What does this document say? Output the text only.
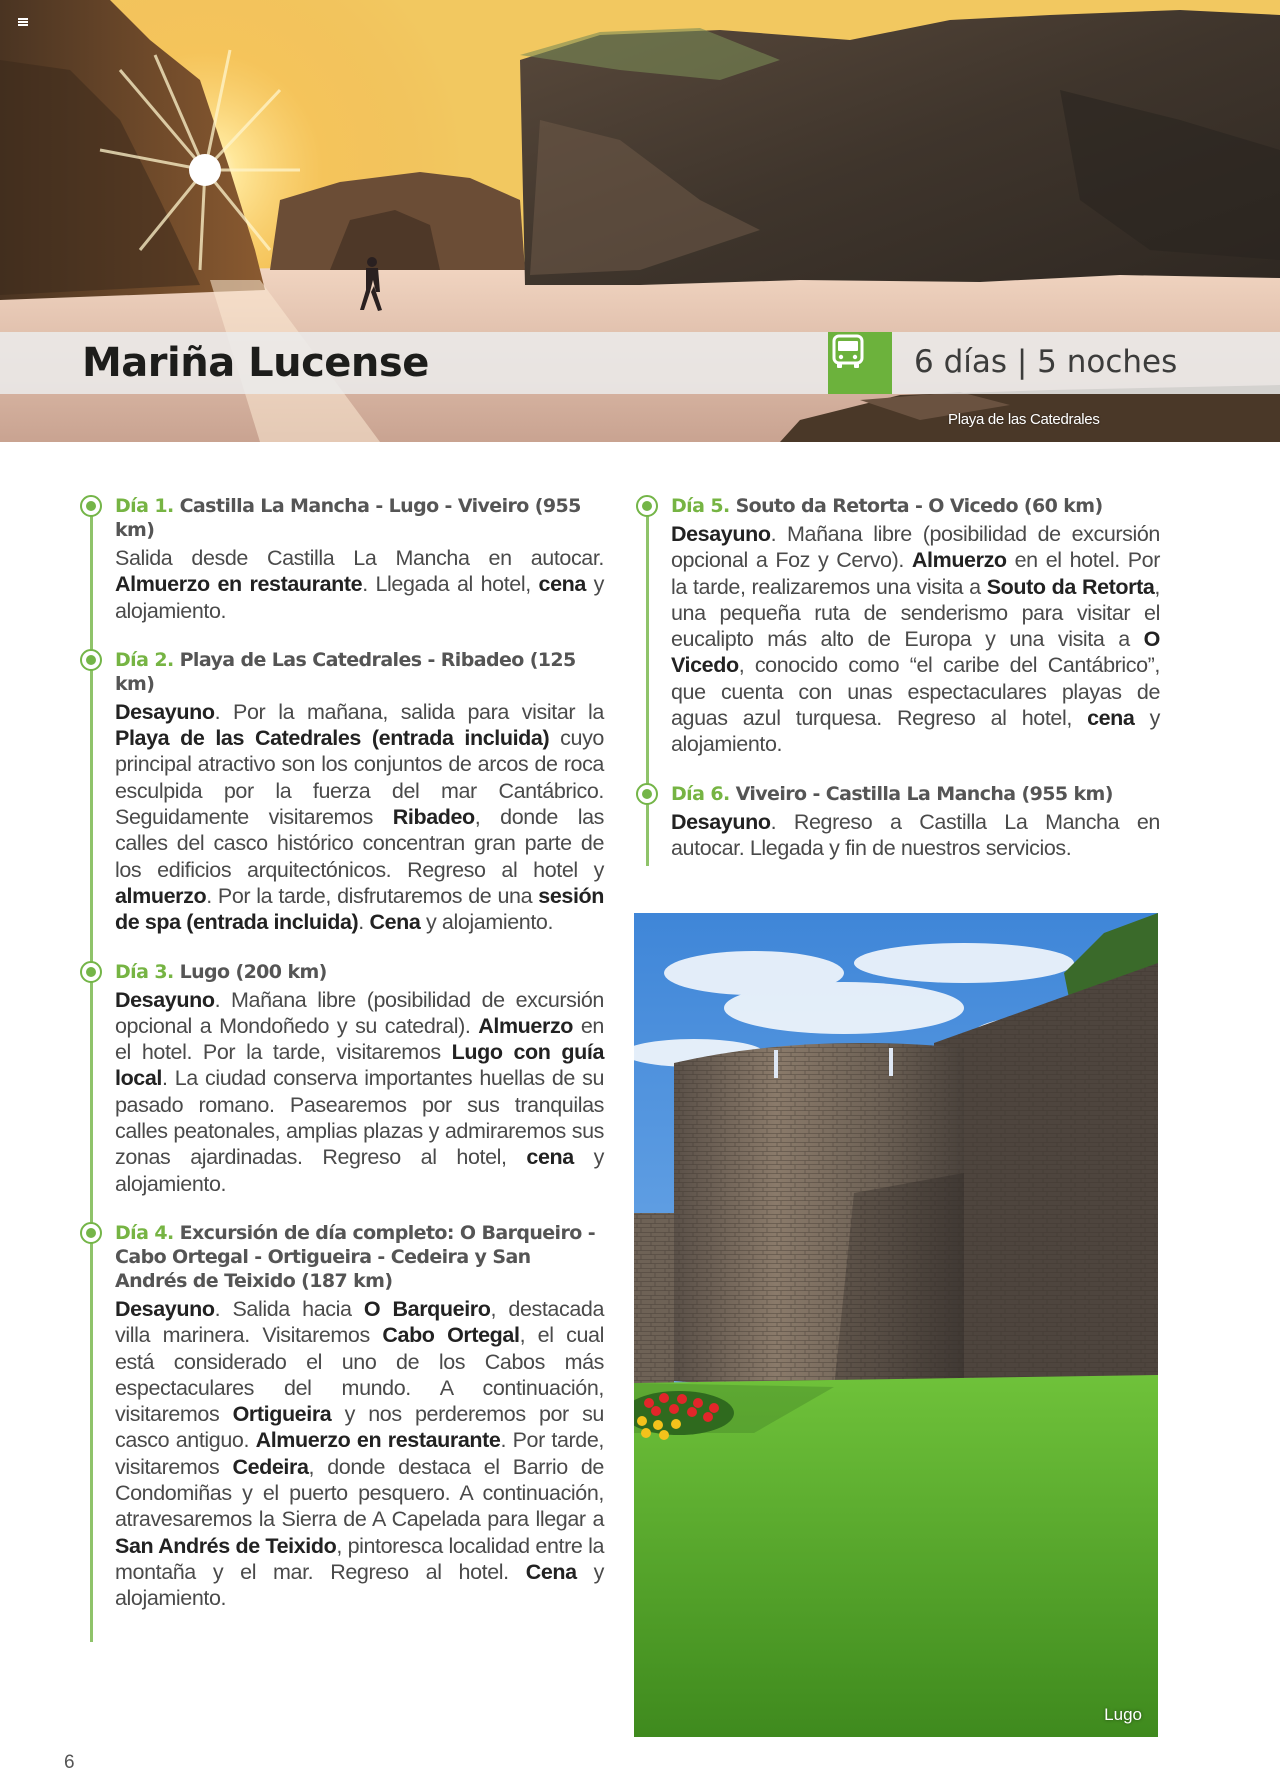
Mariña Lucense	6 días | 5 noches
Playa de las Catedrales
Día 1. Castilla La Mancha - Lugo - Viveiro (955 km)
Salida desde Castilla La Mancha en autocar. Almuerzo en restaurante. Llegada al hotel, cena y alojamiento.
Día 2. Playa de Las Catedrales - Ribadeo (125 km)
Desayuno. Por la mañana, salida para visitar la Playa de las Catedrales (entrada incluida) cuyo principal atractivo son los conjuntos de arcos de roca esculpida por la fuerza del mar Cantábrico. Seguidamente visitaremos Ribadeo, donde las calles del casco histórico concentran gran parte de los edificios arquitectónicos. Regreso al hotel y almuerzo. Por la tarde, disfrutaremos de una sesión de spa (entrada incluida). Cena y alojamiento.
Día 3. Lugo (200 km)
Desayuno. Mañana libre (posibilidad de excursión opcional a Mondoñedo y su catedral). Almuerzo en el hotel. Por la tarde, visitaremos Lugo con guía local. La ciudad conserva importantes huellas de su pasado romano. Pasearemos por sus tranquilas calles peatonales, amplias plazas y admiraremos sus zonas ajardinadas. Regreso al hotel, cena y alojamiento.
Día 4. Excursión de día completo: O Barqueiro - Cabo Ortegal - Ortigueira - Cedeira y San Andrés de Teixido (187 km)
Desayuno. Salida hacia O Barqueiro, destacada villa marinera. Visitaremos Cabo Ortegal, el cual está considerado el uno de los Cabos más espectaculares del mundo. A continuación, visitaremos Ortigueira y nos perderemos por su casco antiguo. Almuerzo en restaurante. Por tarde, visitaremos Cedeira, donde destaca el Barrio de Condomiñas y el puerto pesquero. A continuación, atravesaremos la Sierra de A Capelada para llegar a San Andrés de Teixido, pintoresca localidad entre la montaña y el mar. Regreso al hotel. Cena y alojamiento.
Día 5. Souto da Retorta - O Vicedo (60 km)
Desayuno. Mañana libre (posibilidad de excursión opcional a Foz y Cervo). Almuerzo en el hotel. Por la tarde, realizaremos una visita a Souto da Retorta, una pequeña ruta de senderismo para visitar el eucalipto más alto de Europa y una visita a O Vicedo, conocido como “el caribe del Cantábrico”, que cuenta con unas espectaculares playas de aguas azul turquesa. Regreso al hotel, cena y alojamiento.
Día 6. Viveiro - Castilla La Mancha (955 km)
Desayuno. Regreso a Castilla La Mancha en autocar. Llegada y fin de nuestros servicios.
Lugo
6
